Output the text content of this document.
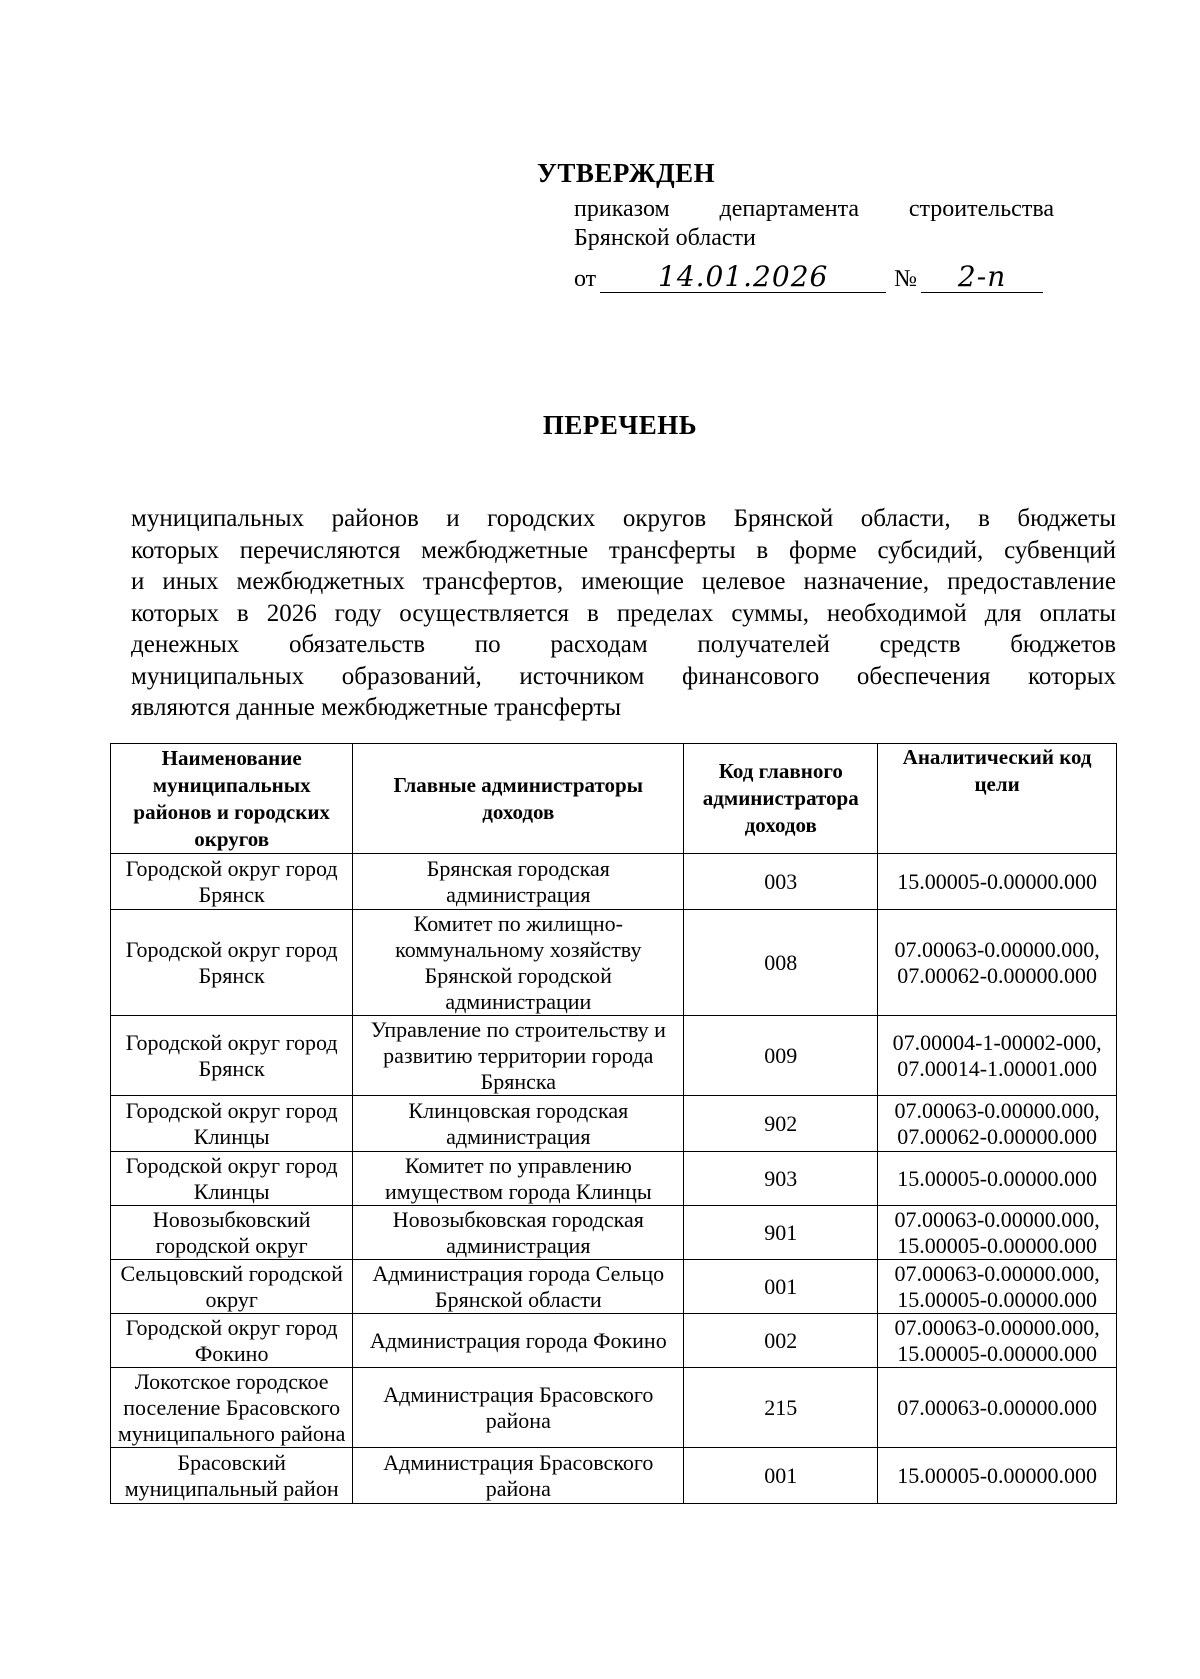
УТВЕРЖДЕН
приказом департамента строительства
Брянской области
от	14.01.2026	№	2-п
ПЕРЕЧЕНЬ
муниципальных районов и городских округов Брянской области, в бюджеты
которых перечисляются межбюджетные трансферты в форме субсидий, субвенций
и иных межбюджетных трансфертов, имеющие целевое назначение, предоставление
которых в 2026 году осуществляется в пределах суммы, необходимой для оплаты
денежных обязательств по расходам получателей средств бюджетов
муниципальных образований, источником финансового обеспечения которых
являются данные межбюджетные трансферты
Наименование муниципальных районов и городских округов	Главные администраторы доходов	Код главного администратора доходов	Аналитический код цели
Городской округ город Брянск	Брянская городская администрация	003	15.00005-0.00000.000

Городской округ город Брянск	Комитет по жилищно-коммунальному хозяйству Брянской городской администрации	008	07.00063-0.00000.000,
07.00062-0.00000.000

Городской округ город Брянск	Управление по строительству и развитию территории города Брянска	009	07.00004-1-00002-000,
07.00014-1.00001.000

Городской округ город Клинцы	Клинцовская городская администрация	902	07.00063-0.00000.000,
07.00062-0.00000.000

Городской округ город Клинцы	Комитет по управлению имуществом города Клинцы	903	15.00005-0.00000.000

Новозыбковский городской округ	Новозыбковская городская администрация	901	07.00063-0.00000.000,
15.00005-0.00000.000

Сельцовский городской округ	Администрация города Сельцо Брянской области	001	07.00063-0.00000.000,
15.00005-0.00000.000

Городской округ город Фокино	Администрация города Фокино	002	07.00063-0.00000.000,
15.00005-0.00000.000

Локотское городское поселение Брасовского муниципального района	Администрация Брасовского района	215	07.00063-0.00000.000

Брасовский муниципальный район	Администрация Брасовского района	001	15.00005-0.00000.000
